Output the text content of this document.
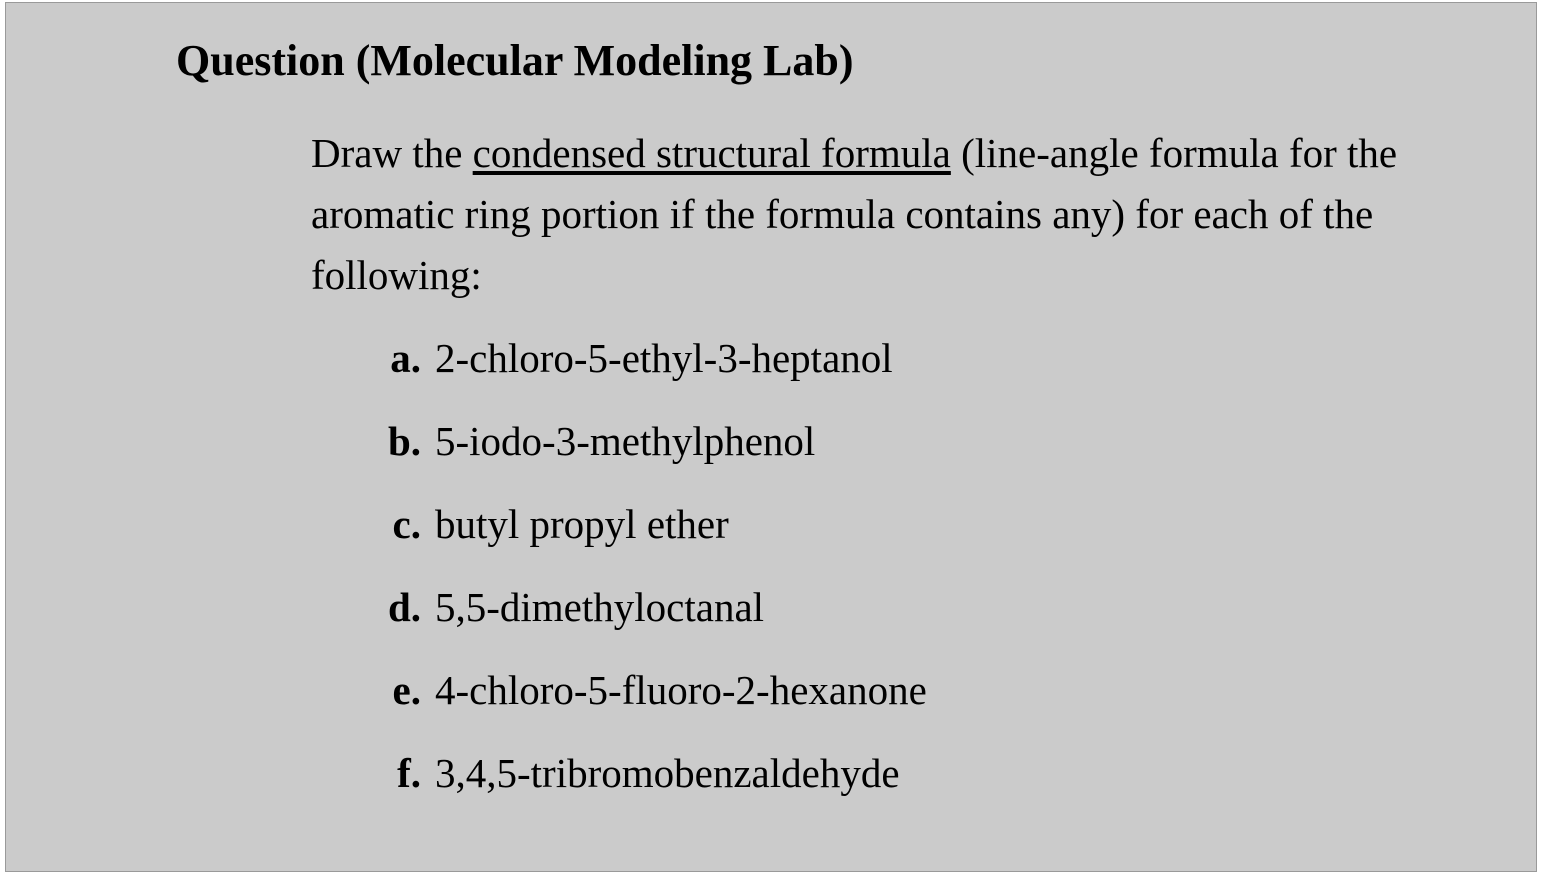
Question (Molecular Modeling Lab)

Draw the condensed structural formula (line-angle formula for the aromatic ring portion if the formula contains any) for each of the following:

a. 2-chloro-5-ethyl-3-heptanol
b. 5-iodo-3-methylphenol
c. butyl propyl ether
d. 5,5-dimethyloctanal
e. 4-chloro-5-fluoro-2-hexanone
f. 3,4,5-tribromobenzaldehyde
